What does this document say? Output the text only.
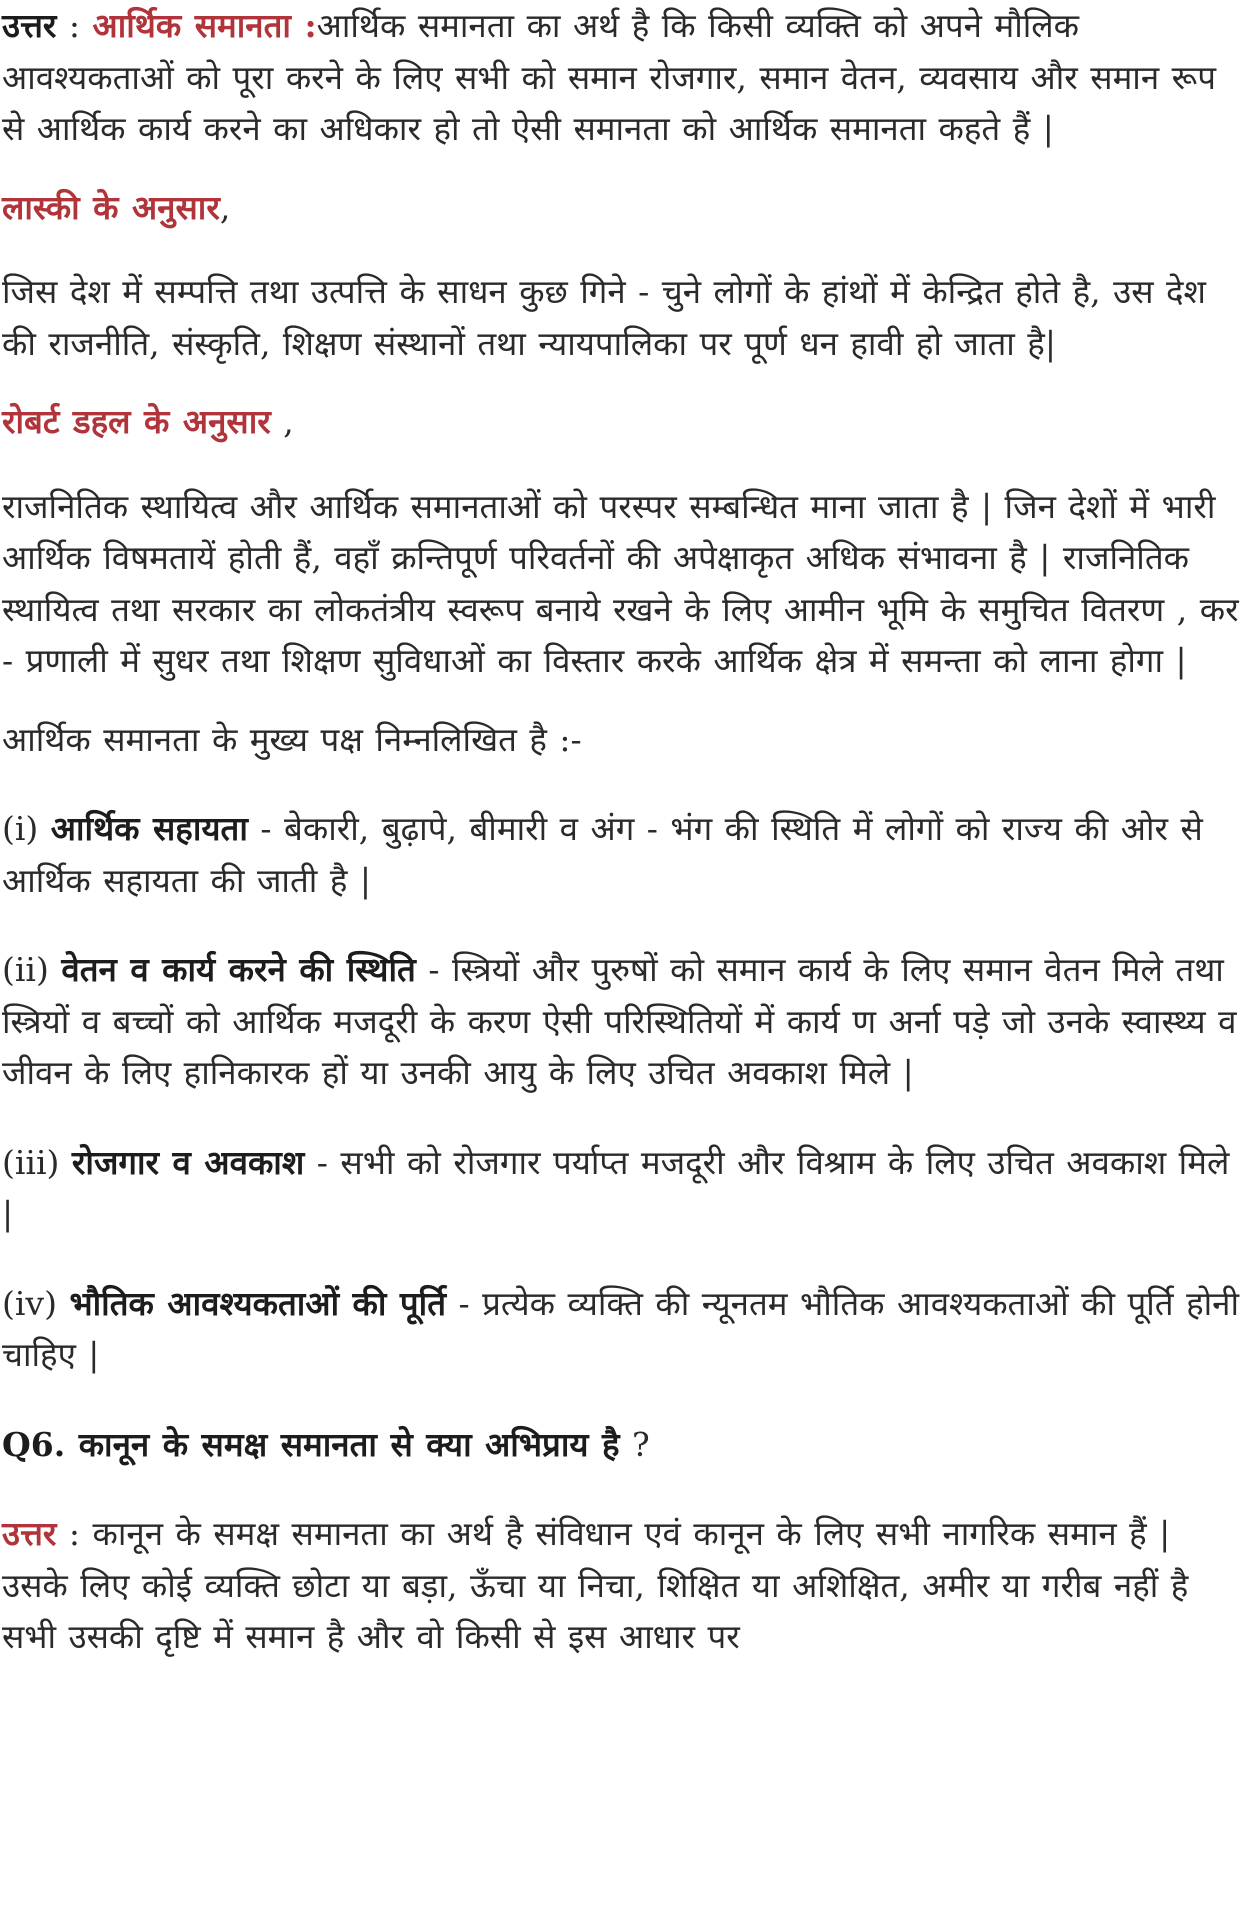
उत्तर : आर्थिक समानता :आर्थिक समानता का अर्थ है कि किसी व्यक्ति को अपने मौलिक आवश्यकताओं को पूरा करने के लिए सभी को समान रोजगार, समान वेतन, व्यवसाय और समान रूप से आर्थिक कार्य करने का अधिकार हो तो ऐसी समानता को आर्थिक समानता कहते हैं |

लास्की के अनुसार,

जिस देश में सम्पत्ति तथा उत्पत्ति के साधन कुछ गिने - चुने लोगों के हांथों में केन्द्रित होते है, उस देश की राजनीति, संस्कृति, शिक्षण संस्थानों तथा न्यायपालिका पर पूर्ण धन हावी हो जाता है|

रोबर्ट डहल के अनुसार ,

राजनितिक स्थायित्व और आर्थिक समानताओं को परस्पर सम्बन्धित माना जाता है | जिन देशों में भारी आर्थिक विषमतायें होती हैं, वहाँ क्रन्तिपूर्ण परिवर्तनों की अपेक्षाकृत अधिक संभावना है | राजनितिक स्थायित्व तथा सरकार का लोकतंत्रीय स्वरूप बनाये रखने के लिए आमीन भूमि के समुचित वितरण , कर - प्रणाली में सुधर तथा शिक्षण सुविधाओं का विस्तार करके आर्थिक क्षेत्र में समन्ता को लाना होगा |

आर्थिक समानता के मुख्य पक्ष निम्नलिखित है :-

(i) आर्थिक सहायता - बेकारी, बुढ़ापे, बीमारी व अंग - भंग की स्थिति में लोगों को राज्य की ओर से आर्थिक सहायता की जाती है |

(ii) वेतन व कार्य करने की स्थिति - स्त्रियों और पुरुषों को समान कार्य के लिए समान वेतन मिले तथा स्त्रियों व बच्चों को आर्थिक मजदूरी के करण ऐसी परिस्थितियों में कार्य ण अर्ना पड़े जो उनके स्वास्थ्य व जीवन के लिए हानिकारक हों या उनकी आयु के लिए उचित अवकाश मिले |

(iii) रोजगार व अवकाश - सभी को रोजगार पर्याप्त मजदूरी और विश्राम के लिए उचित अवकाश मिले |

(iv) भौतिक आवश्यकताओं की पूर्ति - प्रत्येक व्यक्ति की न्यूनतम भौतिक आवश्यकताओं की पूर्ति होनी चाहिए |

Q6. कानून के समक्ष समानता से क्या अभिप्राय है ?

उत्तर : कानून के समक्ष समानता का अर्थ है संविधान एवं कानून के लिए सभी नागरिक समान हैं | उसके लिए कोई व्यक्ति छोटा या बड़ा, ऊँचा या निचा, शिक्षित या अशिक्षित, अमीर या गरीब नहीं है सभी उसकी दृष्टि में समान है और वो किसी से इस आधार पर
